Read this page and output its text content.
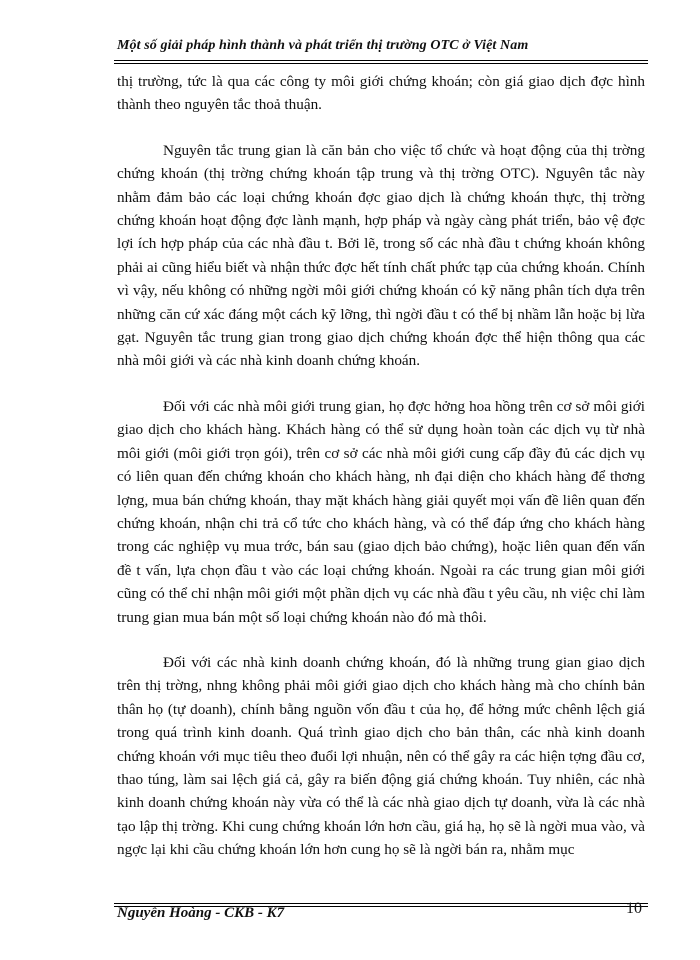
Một số giải pháp hình thành và phát triển thị trường OTC ở Việt Nam

thị trường, tức là qua các công ty môi giới chứng khoán; còn giá giao dịch đợc hình thành theo nguyên tắc thoả thuận.

Nguyên tắc trung gian là căn bản cho việc tổ chức và hoạt động của thị trờng chứng khoán (thị trờng chứng khoán tập trung và thị trờng OTC). Nguyên tắc này nhằm đảm bảo các loại chứng khoán đợc giao dịch là chứng khoán thực, thị trờng chứng khoán hoạt động đợc lành mạnh, hợp pháp và ngày càng phát triển, bảo vệ đợc lợi ích hợp pháp của các nhà đầu t. Bởi lẽ, trong số các nhà đầu t chứng khoán không phải ai cũng hiểu biết và nhận thức đợc hết tính chất phức tạp của chứng khoán. Chính vì vậy, nếu không có những ngời môi giới chứng khoán có kỹ năng phân tích dựa trên những căn cứ xác đáng một cách kỹ lỡng, thì ngời đầu t có thể bị nhầm lẫn hoặc bị lừa gạt. Nguyên tắc trung gian trong giao dịch chứng khoán đợc thể hiện thông qua các nhà môi giới và các nhà kinh doanh chứng khoán.

Đối với các nhà môi giới trung gian, họ đợc hởng hoa hồng trên cơ sở môi giới giao dịch cho khách hàng. Khách hàng có thể sử dụng hoàn toàn các dịch vụ từ nhà môi giới (môi giới trọn gói), trên cơ sở các nhà môi giới cung cấp đầy đủ các dịch vụ có liên quan đến chứng khoán cho khách hàng, nh đại diện cho khách hàng để thơng lợng, mua bán chứng khoán, thay mặt khách hàng giải quyết mọi vấn đề liên quan đến chứng khoán, nhận chi trả cổ tức cho khách hàng, và có thể đáp ứng cho khách hàng trong các nghiệp vụ mua trớc, bán sau (giao dịch bảo chứng), hoặc liên quan đến vấn đề t vấn, lựa chọn đầu t vào các loại chứng khoán. Ngoài ra các trung gian môi giới cũng có thể chỉ nhận môi giới một phần dịch vụ các nhà đầu t yêu cầu, nh việc chỉ làm trung gian mua bán một số loại chứng khoán nào đó mà thôi.

Đối với các nhà kinh doanh chứng khoán, đó là những trung gian giao dịch trên thị trờng, nhng không phải môi giới giao dịch cho khách hàng mà cho chính bản thân họ (tự doanh), chính bằng nguồn vốn đầu t của họ, để hởng mức chênh lệch giá trong quá trình kinh doanh. Quá trình giao dịch cho bản thân, các nhà kinh doanh chứng khoán với mục tiêu theo đuổi lợi nhuận, nên có thể gây ra các hiện tợng đầu cơ, thao túng, làm sai lệch giá cả, gây ra biến động giá chứng khoán. Tuy nhiên, các nhà kinh doanh chứng khoán này vừa có thể là các nhà giao dịch tự doanh, vừa là các nhà tạo lập thị trờng. Khi cung chứng khoán lớn hơn cầu, giá hạ, họ sẽ là ngời mua vào, và ngợc lại khi cầu chứng khoán lớn hơn cung họ sẽ là ngời bán ra, nhằm mục

Nguyễn Hoàng - CKB - K7	10
